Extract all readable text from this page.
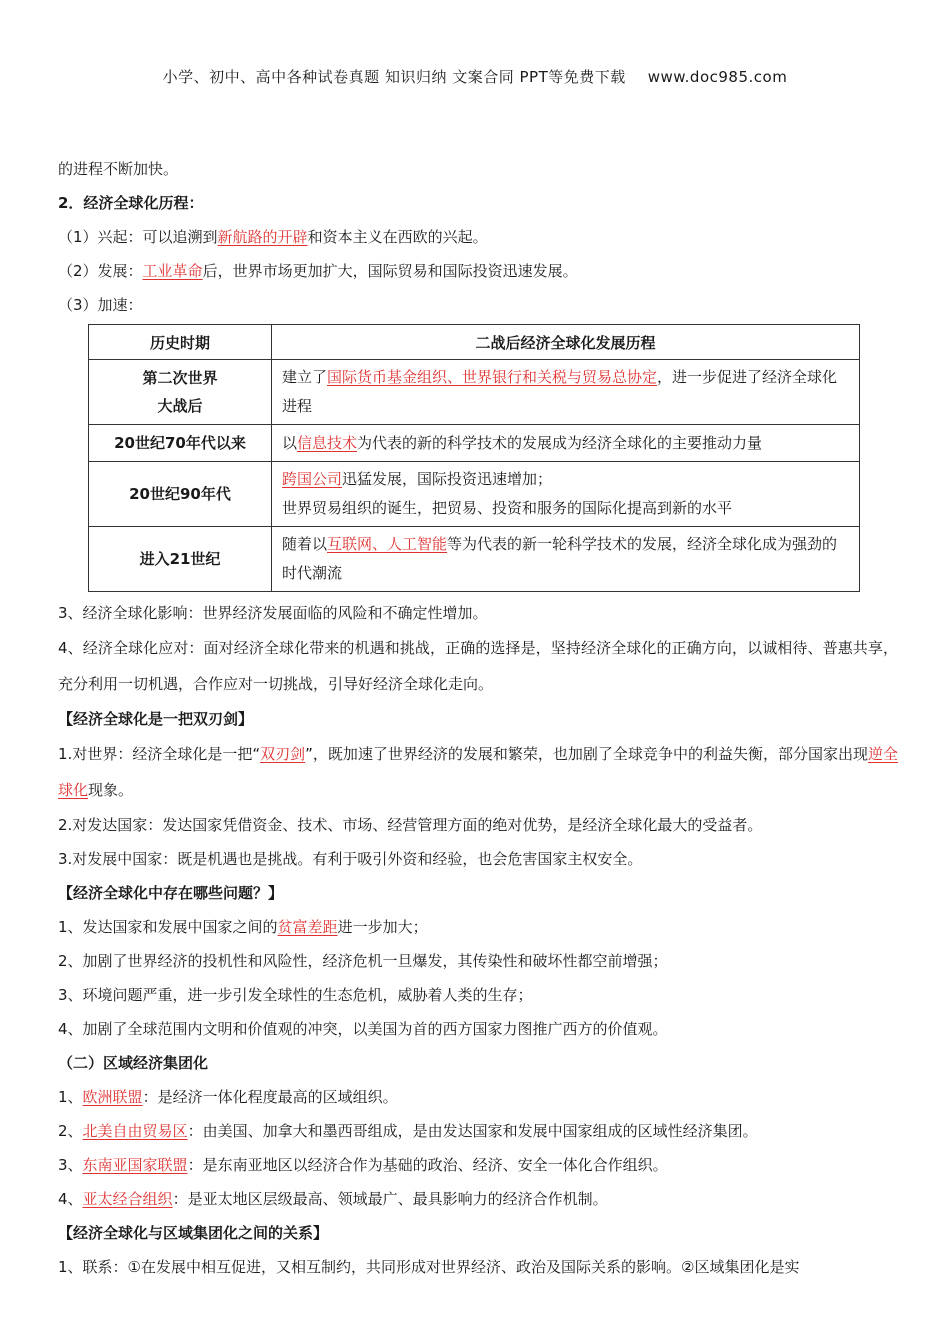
小学、初中、高中各种试卷真题 知识归纳 文案合同 PPT等免费下载 www.doc985.com
的进程不断加快。
2．经济全球化历程：
（1）兴起：可以追溯到新航路的开辟和资本主义在西欧的兴起。
（2）发展：工业革命后，世界市场更加扩大，国际贸易和国际投资迅速发展。
（3）加速：
历史时期	二战后经济全球化发展历程
第二次世界
大战后	建立了国际货币基金组织、世界银行和关税与贸易总协定，进一步促进了经济全球化进程
20世纪70年代以来	以信息技术为代表的新的科学技术的发展成为经济全球化的主要推动力量
20世纪90年代	跨国公司迅猛发展，国际投资迅速增加；
世界贸易组织的诞生，把贸易、投资和服务的国际化提高到新的水平
进入21世纪	随着以互联网、人工智能等为代表的新一轮科学技术的发展，经济全球化成为强劲的时代潮流
3、经济全球化影响：世界经济发展面临的风险和不确定性增加。
4、经济全球化应对：面对经济全球化带来的机遇和挑战，正确的选择是，坚持经济全球化的正确方向，以诚相待、普惠共享，充分利用一切机遇，合作应对一切挑战，引导好经济全球化走向。
【经济全球化是一把双刃剑】
1.对世界：经济全球化是一把“双刃剑”，既加速了世界经济的发展和繁荣，也加剧了全球竞争中的利益失衡，部分国家出现逆全球化现象。
2.对发达国家：发达国家凭借资金、技术、市场、经营管理方面的绝对优势，是经济全球化最大的受益者。
3.对发展中国家：既是机遇也是挑战。有利于吸引外资和经验，也会危害国家主权安全。
【经济全球化中存在哪些问题？】
1、发达国家和发展中国家之间的贫富差距进一步加大；
2、加剧了世界经济的投机性和风险性，经济危机一旦爆发，其传染性和破坏性都空前增强；
3、环境问题严重，进一步引发全球性的生态危机，威胁着人类的生存；
4、加剧了全球范围内文明和价值观的冲突，以美国为首的西方国家力图推广西方的价值观。
（二）区域经济集团化
1、欧洲联盟：是经济一体化程度最高的区域组织。
2、北美自由贸易区：由美国、加拿大和墨西哥组成，是由发达国家和发展中国家组成的区域性经济集团。
3、东南亚国家联盟：是东南亚地区以经济合作为基础的政治、经济、安全一体化合作组织。
4、亚太经合组织：是亚太地区层级最高、领域最广、最具影响力的经济合作机制。
【经济全球化与区域集团化之间的关系】
1、联系：①在发展中相互促进，又相互制约，共同形成对世界经济、政治及国际关系的影响。②区域集团化是实
